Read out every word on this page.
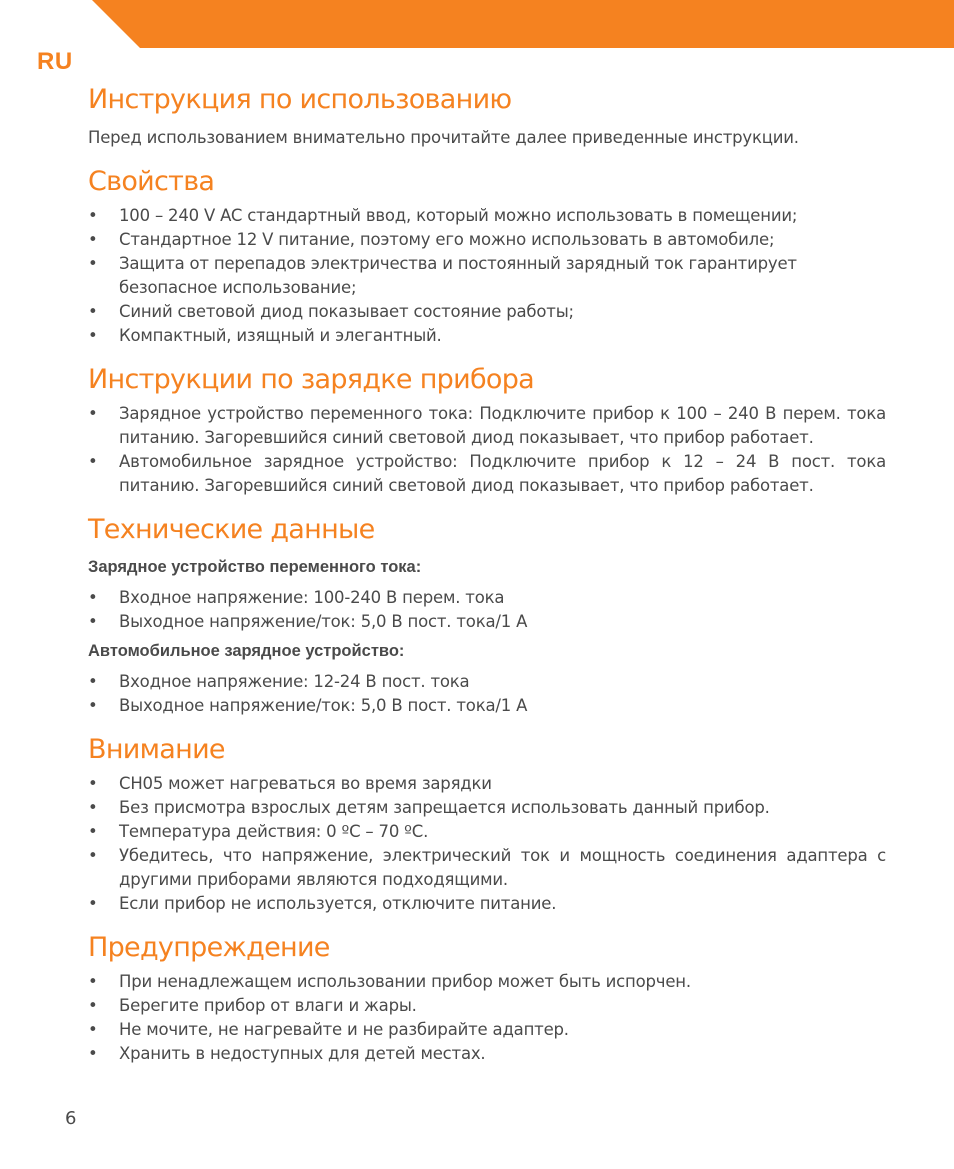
RU
Инструкция по использованию

Перед использованием внимательно прочитайте далее приведенные инструкции.

Свойства
• 100 – 240 V AC стандартный ввод, который можно использовать в помещении;
• Стандартное 12 V питание, поэтому его можно использовать в автомобиле;
• Защита от перепадов электричества и постоянный зарядный ток гарантирует безопасное использование;
• Синий световой диод показывает состояние работы;
• Компактный, изящный и элегантный.
Инструкции по зарядке прибора
• Зарядное устройство переменного тока: Подключите прибор к 100 – 240 В перем. тока питанию. Загоревшийся синий световой диод показывает, что прибор работает.
• Автомобильное зарядное устройство: Подключите прибор к 12 – 24 В пост. тока питанию. Загоревшийся синий световой диод показывает, что прибор работает.
Технические данные
Зарядное устройство переменного тока:
• Входное напряжение: 100-240 В перем. тока
• Выходное напряжение/ток: 5,0 В пост. тока/1 А
Автомобильное зарядное устройство:
• Входное напряжение: 12-24 В пост. тока
• Выходное напряжение/ток: 5,0 В пост. тока/1 А
Внимание
• CH05 может нагреваться во время зарядки
• Без присмотра взрослых детям запрещается использовать данный прибор.
• Температура действия: 0 ºC – 70 ºC.
• Убедитесь, что напряжение, электрический ток и мощность соединения адаптера с другими приборами являются подходящими.
• Если прибор не используется, отключите питание.
Предупреждение
• При ненадлежащем использовании прибор может быть испорчен.
• Берегите прибор от влаги и жары.
• Не мочите, не нагревайте и не разбирайте адаптер.
• Хранить в недоступных для детей местах.
6
